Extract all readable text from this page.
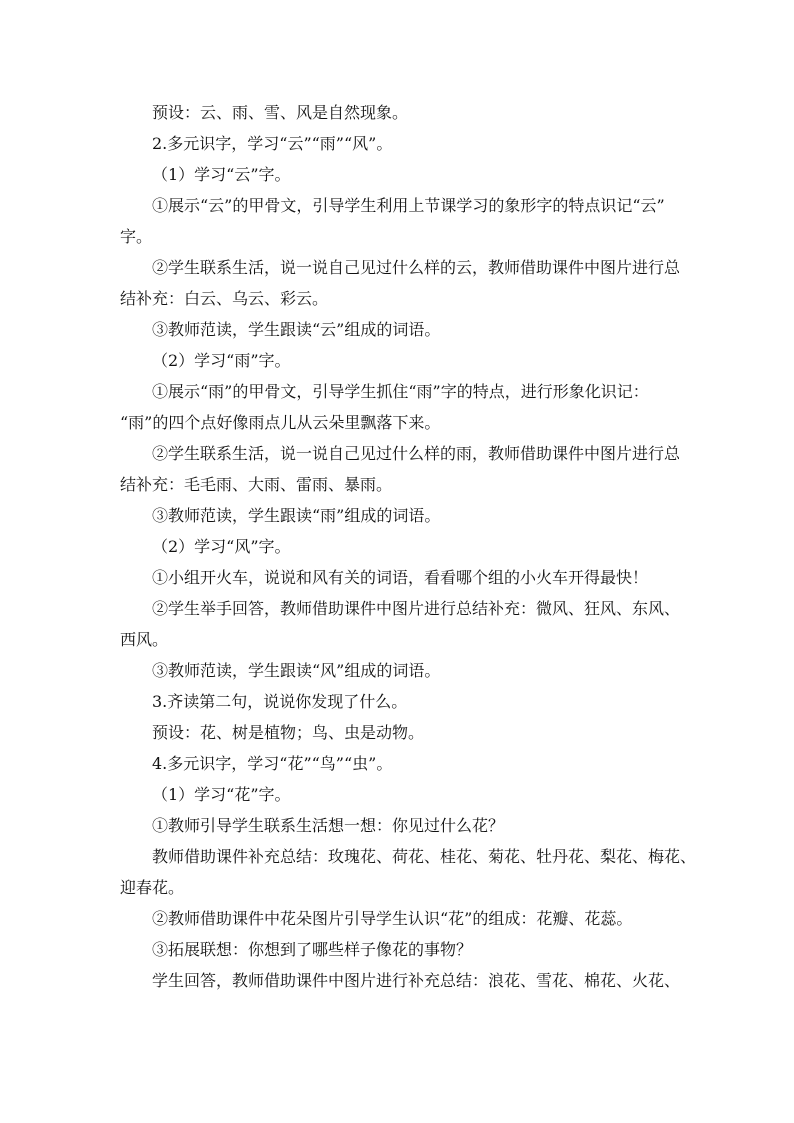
预设：云、雨、雪、风是自然现象。
2.多元识字，学习“云”“雨”“风”。
（1）学习“云”字。
①展示“云”的甲骨文，引导学生利用上节课学习的象形字的特点识记“云”
字。
②学生联系生活，说一说自己见过什么样的云，教师借助课件中图片进行总
结补充：白云、乌云、彩云。
③教师范读，学生跟读“云”组成的词语。
（2）学习“雨”字。
①展示“雨”的甲骨文，引导学生抓住“雨”字的特点，进行形象化识记：
“雨”的四个点好像雨点儿从云朵里飘落下来。
②学生联系生活，说一说自己见过什么样的雨，教师借助课件中图片进行总
结补充：毛毛雨、大雨、雷雨、暴雨。
③教师范读，学生跟读“雨”组成的词语。
（2）学习“风”字。
①小组开火车，说说和风有关的词语，看看哪个组的小火车开得最快！
②学生举手回答，教师借助课件中图片进行总结补充：微风、狂风、东风、
西风。
③教师范读，学生跟读“风”组成的词语。
3.齐读第二句，说说你发现了什么。
预设：花、树是植物；鸟、虫是动物。
4.多元识字，学习“花”“鸟”“虫”。
（1）学习“花”字。
①教师引导学生联系生活想一想：你见过什么花？
教师借助课件补充总结：玫瑰花、荷花、桂花、菊花、牡丹花、梨花、梅花、
迎春花。
②教师借助课件中花朵图片引导学生认识“花”的组成：花瓣、花蕊。
③拓展联想：你想到了哪些样子像花的事物？
学生回答，教师借助课件中图片进行补充总结：浪花、雪花、棉花、火花、
